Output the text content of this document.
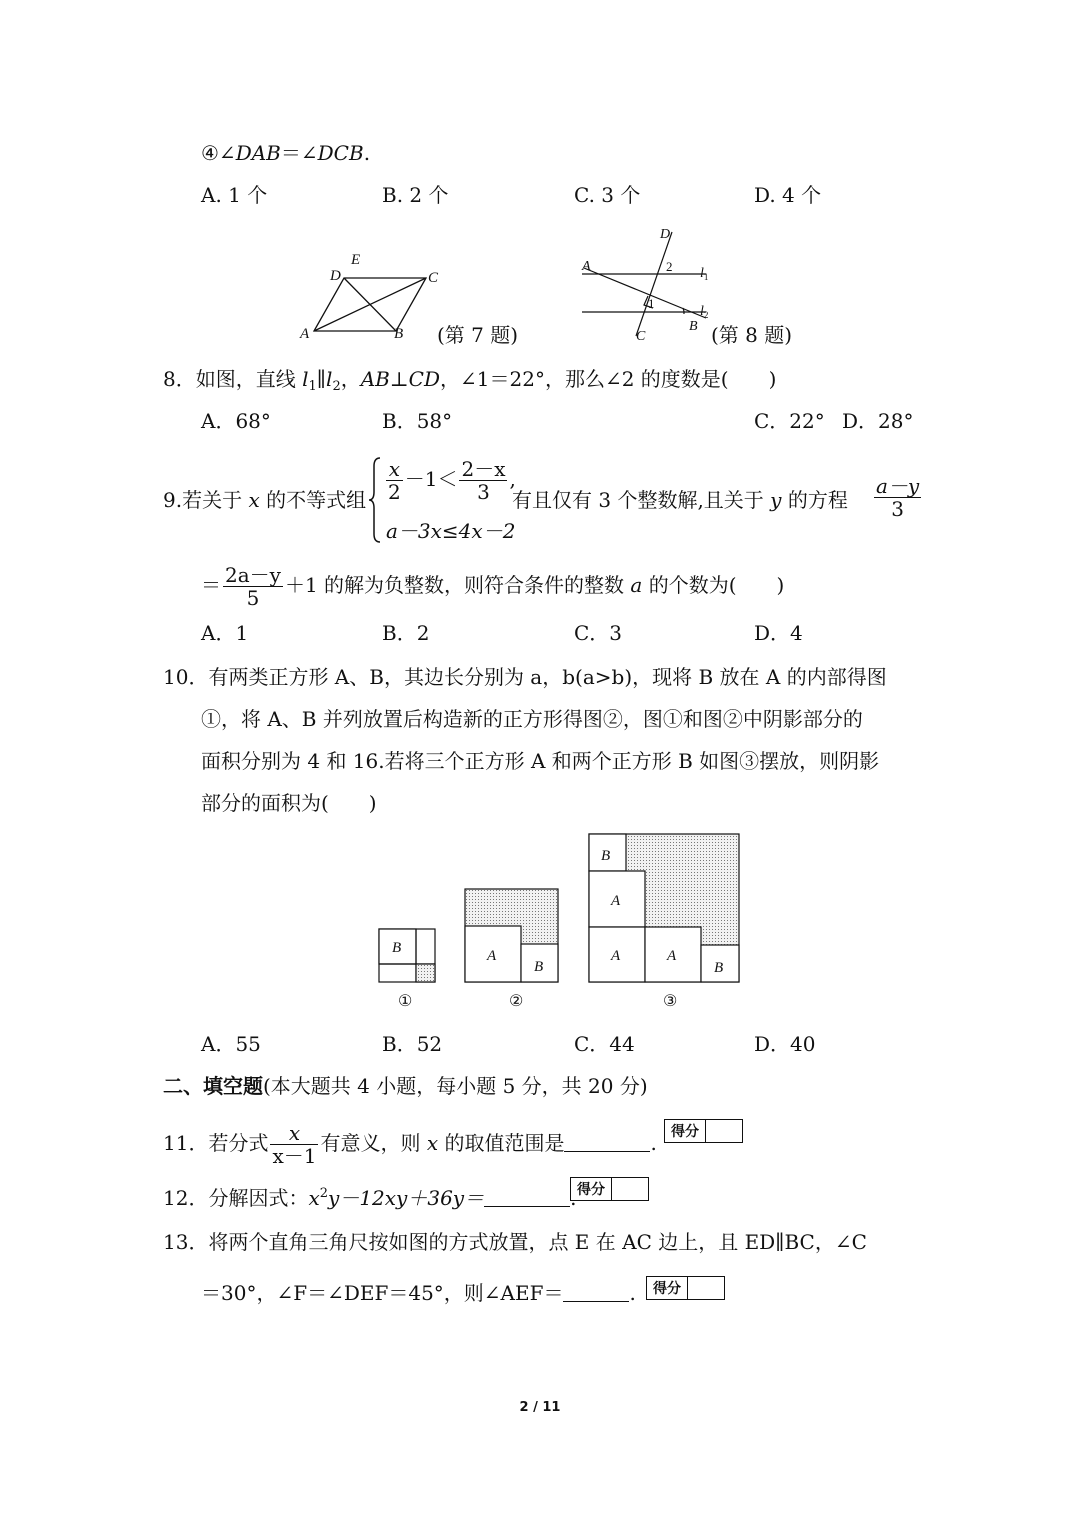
④∠DAB＝∠DCB.
A. 1 个	B. 2 个	C. 3 个	D. 4 个
A	B
C
D
E
(第 7 题)
A
B
C
D
$l_1$
$l_2$
1
2
(第 8 题)
8．如图，直线 $l_1\parallel l_2$，AB⊥CD，∠1＝22°，那么∠2 的度数是(　　)
A．68°	B．58°	C．22° D．28°
9.若关于 x 的不等式组 $\frac{x}{2} -1< \frac{2-x}{3}$ ,
a－3x≤4x－2
有且仅有 3 个整数解,且关于 y 的方程 $\frac{a-y}{3}$
＝ $\frac{2a-y}{5} +1$ 的解为负整数，则符合条件的整数 a 的个数为(　　)
A．1	B．2	C．3	D．4
10．有两类正方形 A、B，其边长分别为 a，b(a>b)，现将 B 放在 A 的内部得图
①，将 A、B 并列放置后构造新的正方形得图②，图①和图②中阴影部分的
面积分别为 4 和 16.若将三个正方形 A 和两个正方形 B 如图③摆放，则阴影
部分的面积为(　　)
B	A
B
B
A
A	A
B
①	②	③
A．55	B．52	C．44	D．40
二、填空题(本大题共 4 小题，每小题 5 分，共 20 分)
11．若分式 $\frac{x}{x-1}$ 有意义，则 x 的取值范围是	.	得分
12．分解因式：$x^2y-12xy+36y=$	. 得分
13．将两个直角三角尺按如图的方式放置，点 E 在 AC 边上，且 ED∥BC，∠C
＝30°，∠F＝∠DEF＝45°，则∠AEF＝	.	得分
2 / 11
